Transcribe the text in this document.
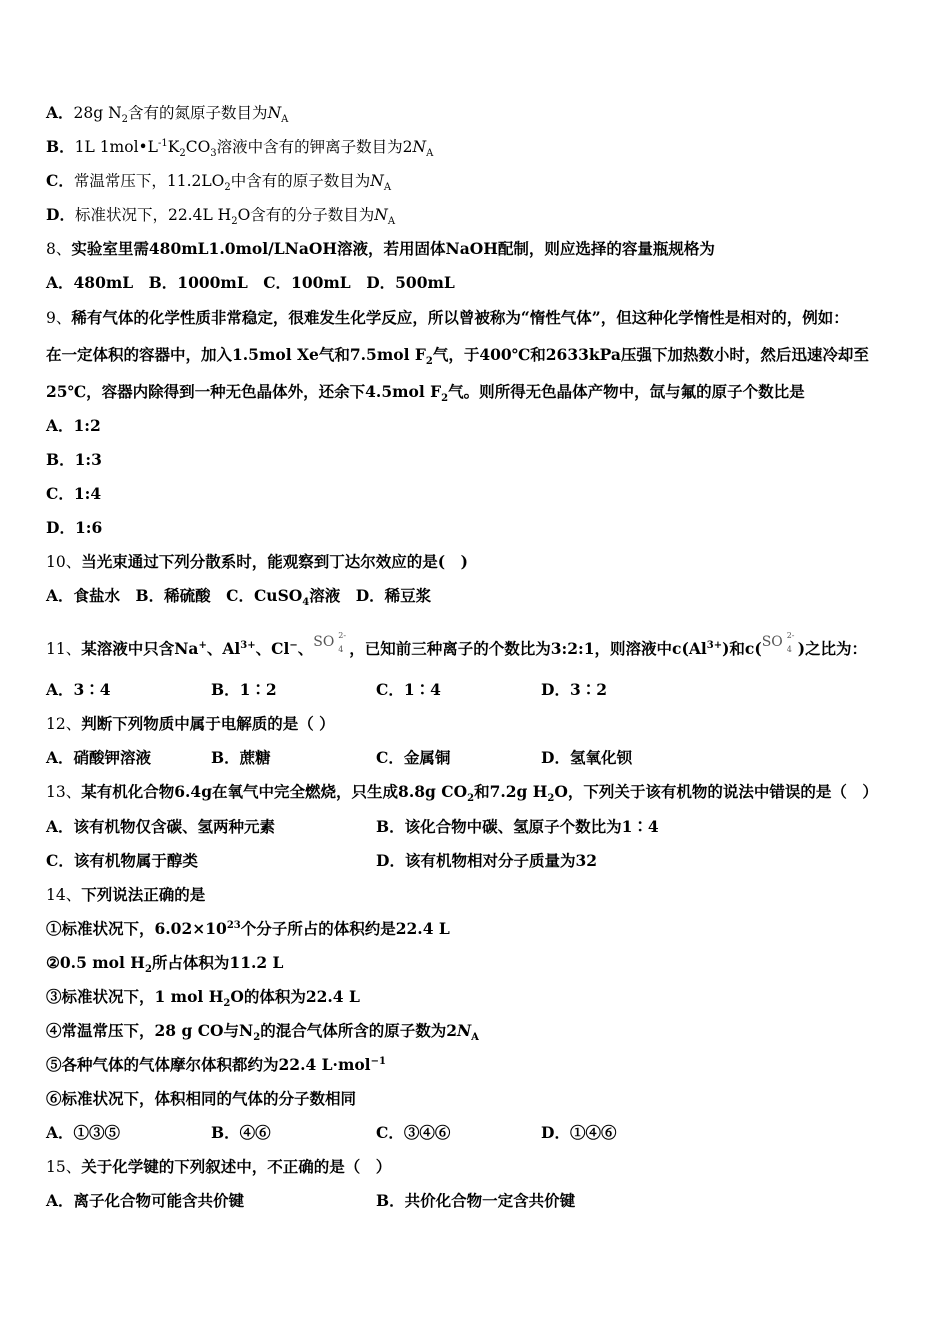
A．28g $N_2$含有的氮原子数目为$N_A$
B．1L $1mol•L^{-1}K_2CO_3$溶液中含有的钾离子数目为$2N_A$
C．常温常压下，$11.2LO_2$中含有的原子数目为$N_A$
D．标准状况下，22.4L $H_2O$含有的分子数目为$N_A$
8、实验室里需480mL1.0mol/LNaOH溶液，若用固体NaOH配制，则应选择的容量瓶规格为
A．480mL　B．1000mL　C．100mL　D．500mL
9、稀有气体的化学性质非常稳定，很难发生化学反应，所以曾被称为“惰性气体”，但这种化学惰性是相对的，例如：
在一定体积的容器中，加入1.5mol Xe气和7.5mol $F_2$气，于400℃和2633kPa压强下加热数小时，然后迅速冷却至
25℃，容器内除得到一种无色晶体外，还余下4.5mol $F_2$气。则所得无色晶体产物中，氙与氟的原子个数比是
A．1:2
B．1:3
C．1:4
D．1:6
10、当光束通过下列分散系时，能观察到丁达尔效应的是(　)
A．食盐水　B．稀硫酸　C．CuSO$_4$溶液　D．稀豆浆
11、某溶液中只含Na+、$Al^{3+}$、Cl−、 SO 2-
4 ，已知前三种离子的个数比为3:2:1，则溶液中$c(Al^{3+})$和c( SO 2-
4 )之比为：
A．3∶4	B．1∶2	C．1∶4	D．3∶2
12、判断下列物质中属于电解质的是（ ）
A．硝酸钾溶液	B．蔗糖	C．金属铜	D．氢氧化钡
13、某有机化合物6.4g在氧气中完全燃烧，只生成8.8g $CO_2$和7.2g $H_2O$，下列关于该有机物的说法中错误的是（　）
A．该有机物仅含碳、氢两种元素	B．该化合物中碳、氢原子个数比为1∶4
C．该有机物属于醇类	D．该有机物相对分子质量为32
14、下列说法正确的是
①标准状况下，$6.02\times 10^{23}$个分子所占的体积约是22.4 L
②0.5 mol $H_2$所占体积为11.2 L
③标准状况下，1 mol $H_2O$的体积为22.4 L
④常温常压下，28 g CO与$N_2$的混合气体所含的原子数为$2N_A$
⑤各种气体的气体摩尔体积都约为22.4 L·mol$^{-1}$
⑥标准状况下，体积相同的气体的分子数相同
A．①③⑤	B．④⑥	C．③④⑥	D．①④⑥
15、关于化学键的下列叙述中，不正确的是（　）
A．离子化合物可能含共价键	B．共价化合物一定含共价键
